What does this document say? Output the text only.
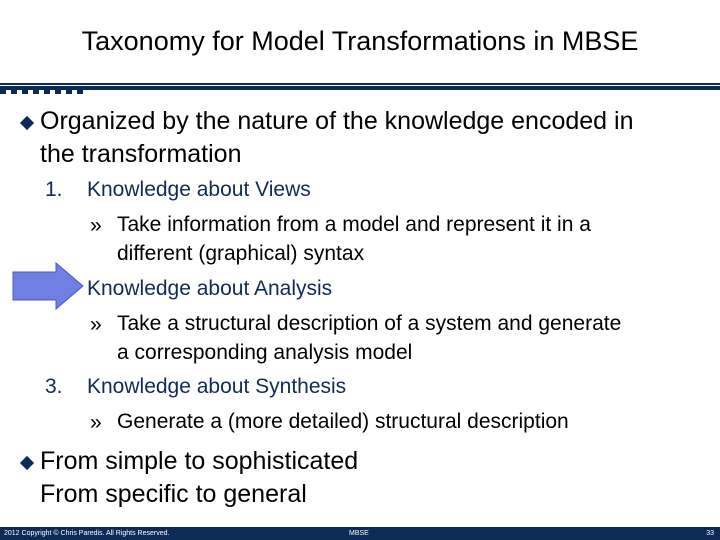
Taxonomy for Model Transformations in MBSE
Organized by the nature of the knowledge encoded in
the transformation
1. Knowledge about Views
» Take information from a model and represent it in a
different (graphical) syntax
Knowledge about Analysis
» Take a structural description of a system and generate
a corresponding analysis model
3. Knowledge about Synthesis
» Generate a (more detailed) structural description
From simple to sophisticated
From specific to general
2012 Copyright © Chris Paredis. All Rights Reserved.	MBSE	33
